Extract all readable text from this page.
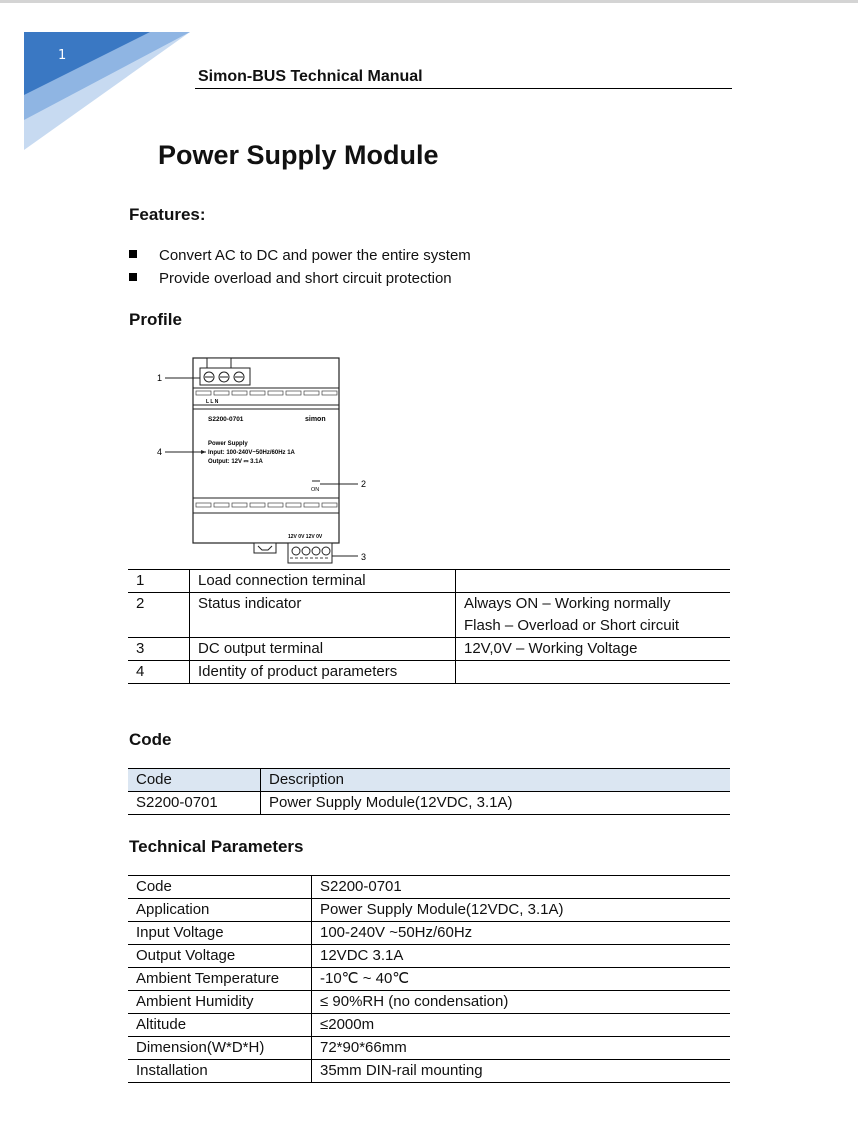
1
Simon-BUS Technical Manual
Power Supply Module
Features:
Convert AC to DC and power the entire system
Provide overload and short circuit protection
Profile
L L N
S2200-0701	simon
Power Supply
Input: 100-240V~50Hz/60Hz 1A
Output: 12V ⎓ 3.1A
ON
12V 0V 12V 0V
1
2
3
4
1	Load connection terminal	
2	Status indicator	Always ON – Working normally
Flash – Overload or Short circuit

3	DC output terminal	12V,0V – Working Voltage
4	Identity of product parameters	
Code
Code	Description
S2200-0701	Power Supply Module(12VDC, 3.1A)
Technical Parameters
Code	S2200-0701
Application	Power Supply Module(12VDC, 3.1A)
Input Voltage	100-240V ~50Hz/60Hz
Output Voltage	12VDC 3.1A
Ambient Temperature	-10℃ ~ 40℃
Ambient Humidity	≤ 90%RH (no condensation)
Altitude	≤2000m
Dimension(W*D*H)	72*90*66mm
Installation	35mm DIN-rail mounting
